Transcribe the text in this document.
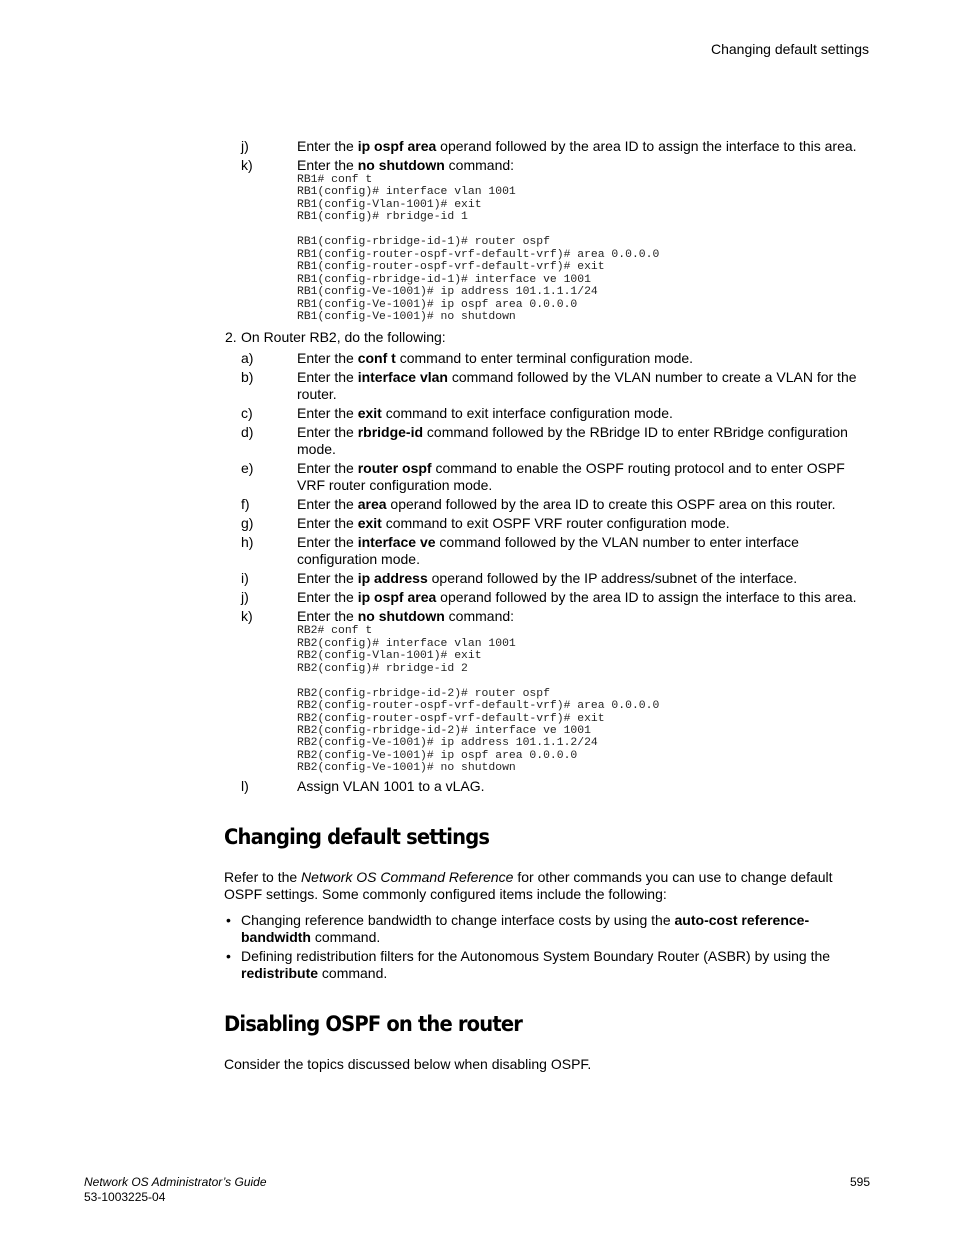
Changing default settings
j)	Enter the ip ospf area operand followed by the area ID to assign the interface to this area.
k)	Enter the no shutdown command:
RB1# conf t
RB1(config)# interface vlan 1001
RB1(config-Vlan-1001)# exit
RB1(config)# rbridge-id 1
RB1(config-rbridge-id-1)# router ospf
RB1(config-router-ospf-vrf-default-vrf)# area 0.0.0.0
RB1(config-router-ospf-vrf-default-vrf)# exit
RB1(config-rbridge-id-1)# interface ve 1001
RB1(config-Ve-1001)# ip address 101.1.1.1/24
RB1(config-Ve-1001)# ip ospf area 0.0.0.0
RB1(config-Ve-1001)# no shutdown
2. On Router RB2, do the following:
a)	Enter the conf t command to enter terminal configuration mode.
b)	Enter the interface vlan command followed by the VLAN number to create a VLAN for the router.
c)	Enter the exit command to exit interface configuration mode.
d)	Enter the rbridge-id command followed by the RBridge ID to enter RBridge configuration mode.
e)	Enter the router ospf command to enable the OSPF routing protocol and to enter OSPF VRF router configuration mode.
f)	Enter the area operand followed by the area ID to create this OSPF area on this router.
g)	Enter the exit command to exit OSPF VRF router configuration mode.
h)	Enter the interface ve command followed by the VLAN number to enter interface configuration mode.
i)	Enter the ip address operand followed by the IP address/subnet of the interface.
j)	Enter the ip ospf area operand followed by the area ID to assign the interface to this area.
k)	Enter the no shutdown command:
RB2# conf t
RB2(config)# interface vlan 1001
RB2(config-Vlan-1001)# exit
RB2(config)# rbridge-id 2
RB2(config-rbridge-id-2)# router ospf
RB2(config-router-ospf-vrf-default-vrf)# area 0.0.0.0
RB2(config-router-ospf-vrf-default-vrf)# exit
RB2(config-rbridge-id-2)# interface ve 1001
RB2(config-Ve-1001)# ip address 101.1.1.2/24
RB2(config-Ve-1001)# ip ospf area 0.0.0.0
RB2(config-Ve-1001)# no shutdown
l)	Assign VLAN 1001 to a vLAG.
Changing default settings

Refer to the Network OS Command Reference for other commands you can use to change default OSPF settings. Some commonly configured items include the following:

• Changing reference bandwidth to change interface costs by using the auto-cost reference-bandwidth command.
• Defining redistribution filters for the Autonomous System Boundary Router (ASBR) by using the redistribute command.
Disabling OSPF on the router

Consider the topics discussed below when disabling OSPF.

Network OS Administrator’s Guide
53-1003225-04
595
